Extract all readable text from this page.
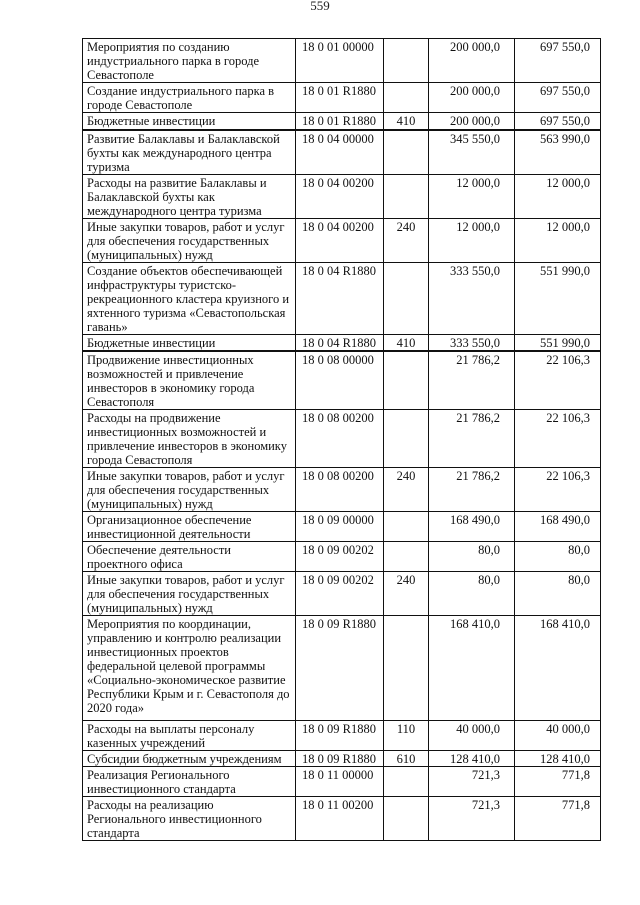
559
Мероприятия по созданию индустриального парка в городе Севастополе	18 0 01 00000		200 000,0	697 550,0
Создание индустриального парка в городе Севастополе	18 0 01 R1880		200 000,0	697 550,0
Бюджетные инвестиции	18 0 01 R1880	410	200 000,0	697 550,0
Развитие Балаклавы и Балаклавской бухты как международного центра туризма	18 0 04 00000		345 550,0	563 990,0
Расходы на развитие Балаклавы и Балаклавской бухты как международного центра туризма	18 0 04 00200		12 000,0	12 000,0
Иные закупки товаров, работ и услуг для обеспечения государственных (муниципальных) нужд	18 0 04 00200	240	12 000,0	12 000,0
Создание объектов обеспечивающей инфраструктуры туристско-рекреационного кластера круизного и яхтенного туризма «Севастопольская гавань»	18 0 04 R1880		333 550,0	551 990,0
Бюджетные инвестиции	18 0 04 R1880	410	333 550,0	551 990,0
Продвижение инвестиционных возможностей и привлечение инвесторов в экономику города Севастополя	18 0 08 00000		21 786,2	22 106,3
Расходы на продвижение инвестиционных возможностей и привлечение инвесторов в экономику города Севастополя	18 0 08 00200		21 786,2	22 106,3
Иные закупки товаров, работ и услуг для обеспечения государственных (муниципальных) нужд	18 0 08 00200	240	21 786,2	22 106,3
Организационное обеспечение инвестиционной деятельности	18 0 09 00000		168 490,0	168 490,0
Обеспечение деятельности проектного офиса	18 0 09 00202		80,0	80,0
Иные закупки товаров, работ и услуг для обеспечения государственных (муниципальных) нужд	18 0 09 00202	240	80,0	80,0
Мероприятия по координации, управлению и контролю реализации инвестиционных проектов федеральной целевой программы «Социально-экономическое развитие Республики Крым и г. Севастополя до 2020 года»	18 0 09 R1880		168 410,0	168 410,0
Расходы на выплаты персоналу казенных учреждений	18 0 09 R1880	110	40 000,0	40 000,0
Субсидии бюджетным учреждениям	18 0 09 R1880	610	128 410,0	128 410,0
Реализация Регионального инвестиционного стандарта	18 0 11 00000		721,3	771,8
Расходы на реализацию Регионального инвестиционного стандарта	18 0 11 00200		721,3	771,8
